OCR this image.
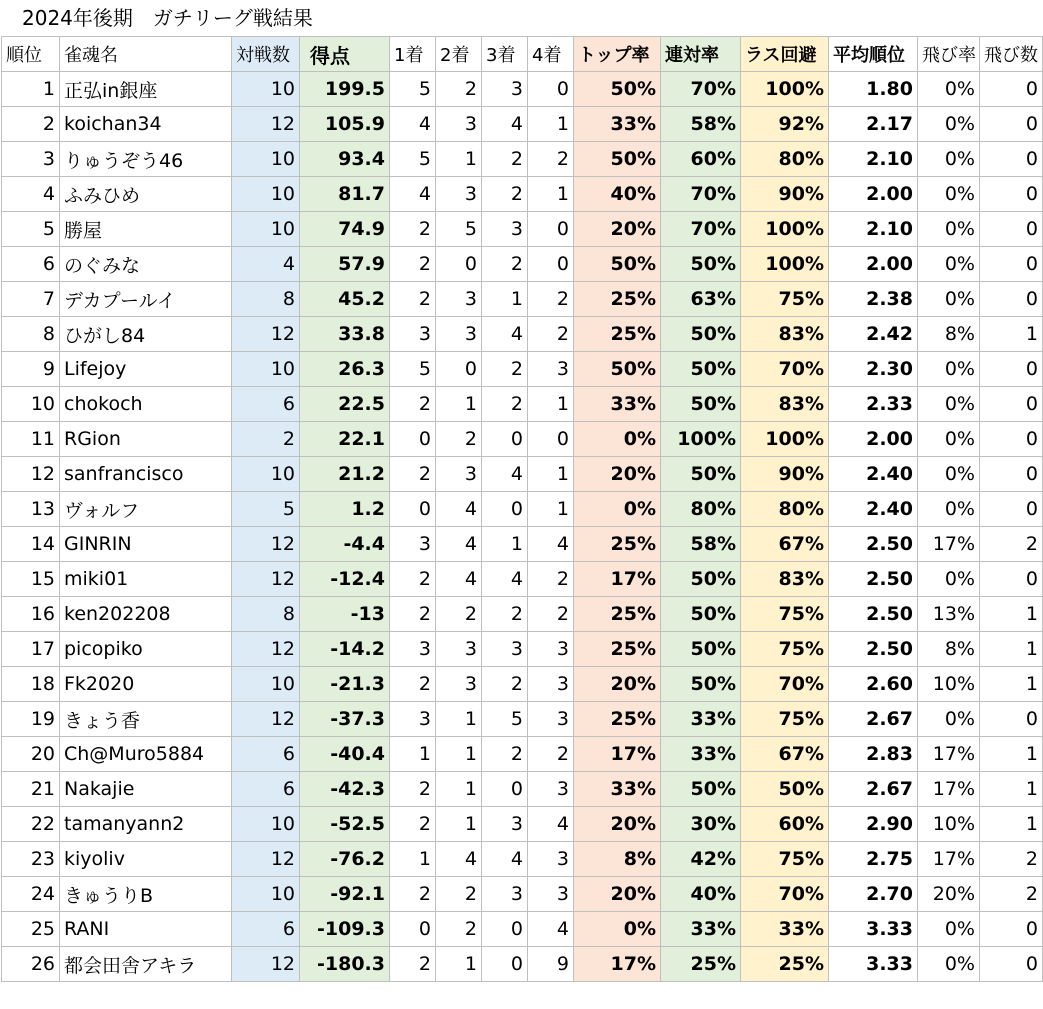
2024年後期　ガチリーグ戦結果
順位	雀魂名	対戦数	得点	1着	2着	3着	4着	トップ率	連対率	ラス回避	平均順位	飛び率	飛び数
1	正弘in銀座	10	199.5	5	2	3	0	50%	70%	100%	1.80	0%	0
2	koichan34	12	105.9	4	3	4	1	33%	58%	92%	2.17	0%	0
3	りゅうぞう46	10	93.4	5	1	2	2	50%	60%	80%	2.10	0%	0
4	ふみひめ	10	81.7	4	3	2	1	40%	70%	90%	2.00	0%	0
5	勝屋	10	74.9	2	5	3	0	20%	70%	100%	2.10	0%	0
6	のぐみな	4	57.9	2	0	2	0	50%	50%	100%	2.00	0%	0
7	デカプールイ	8	45.2	2	3	1	2	25%	63%	75%	2.38	0%	0
8	ひがし84	12	33.8	3	3	4	2	25%	50%	83%	2.42	8%	1
9	Lifejoy	10	26.3	5	0	2	3	50%	50%	70%	2.30	0%	0
10	chokoch	6	22.5	2	1	2	1	33%	50%	83%	2.33	0%	0
11	RGion	2	22.1	0	2	0	0	0%	100%	100%	2.00	0%	0
12	sanfrancisco	10	21.2	2	3	4	1	20%	50%	90%	2.40	0%	0
13	ヴォルフ	5	1.2	0	4	0	1	0%	80%	80%	2.40	0%	0
14	GINRIN	12	-4.4	3	4	1	4	25%	58%	67%	2.50	17%	2
15	miki01	12	-12.4	2	4	4	2	17%	50%	83%	2.50	0%	0
16	ken202208	8	-13	2	2	2	2	25%	50%	75%	2.50	13%	1
17	picopiko	12	-14.2	3	3	3	3	25%	50%	75%	2.50	8%	1
18	Fk2020	10	-21.3	2	3	2	3	20%	50%	70%	2.60	10%	1
19	きょう香	12	-37.3	3	1	5	3	25%	33%	75%	2.67	0%	0
20	Ch@Muro5884	6	-40.4	1	1	2	2	17%	33%	67%	2.83	17%	1
21	Nakajie	6	-42.3	2	1	0	3	33%	50%	50%	2.67	17%	1
22	tamanyann2	10	-52.5	2	1	3	4	20%	30%	60%	2.90	10%	1
23	kiyoliv	12	-76.2	1	4	4	3	8%	42%	75%	2.75	17%	2
24	きゅうりB	10	-92.1	2	2	3	3	20%	40%	70%	2.70	20%	2
25	RANI	6	-109.3	0	2	0	4	0%	33%	33%	3.33	0%	0
26	都会田舎アキラ	12	-180.3	2	1	0	9	17%	25%	25%	3.33	0%	0
